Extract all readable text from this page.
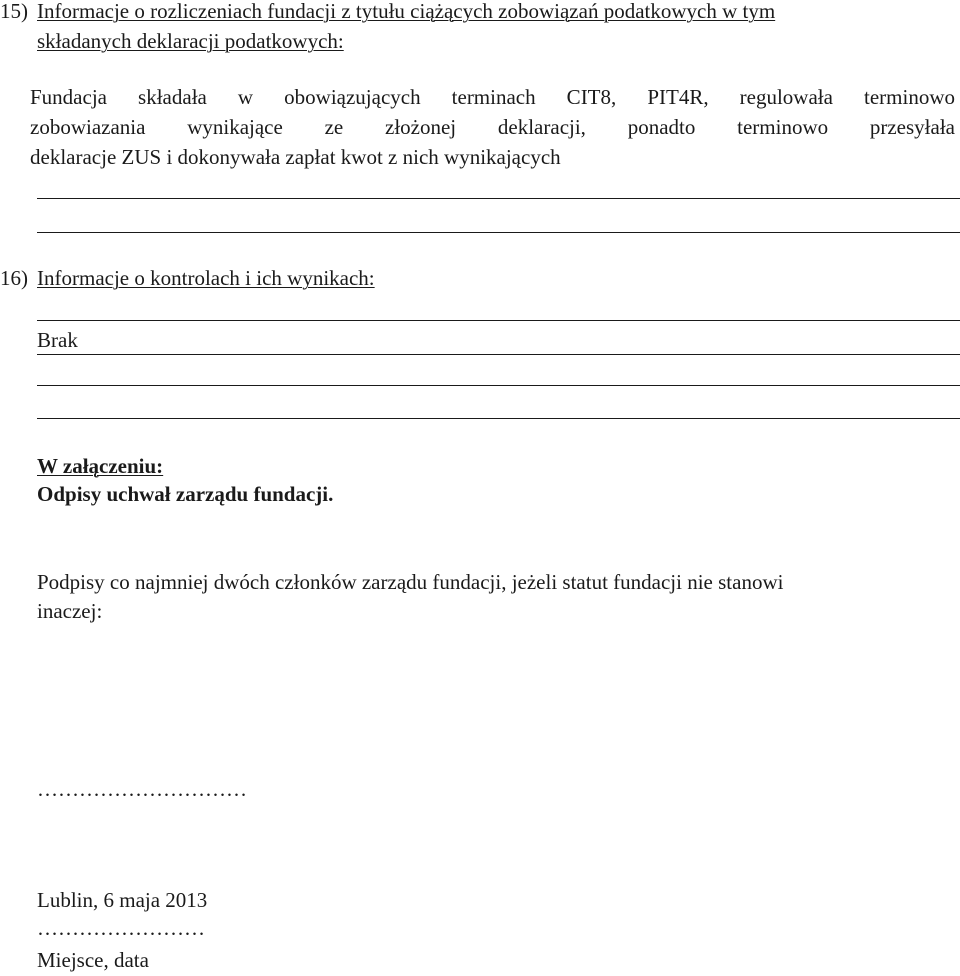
15) Informacje o rozliczeniach fundacji z tytułu ciążących zobowiązań podatkowych w tym
składanych deklaracji podatkowych:
Fundacja składała w obowiązujących terminach CIT8, PIT4R, regulowała terminowo
zobowiazania wynikające ze złożonej deklaracji, ponadto terminowo przesyłała
deklaracje ZUS i dokonywała zapłat kwot z nich wynikających
16) Informacje o kontrolach i ich wynikach:
Brak
W załączeniu:
Odpisy uchwał zarządu fundacji.
Podpisy co najmniej dwóch członków zarządu fundacji, jeżeli statut fundacji nie stanowi
inaczej:
…………………………
Lublin, 6 maja 2013
……………………
Miejsce, data
